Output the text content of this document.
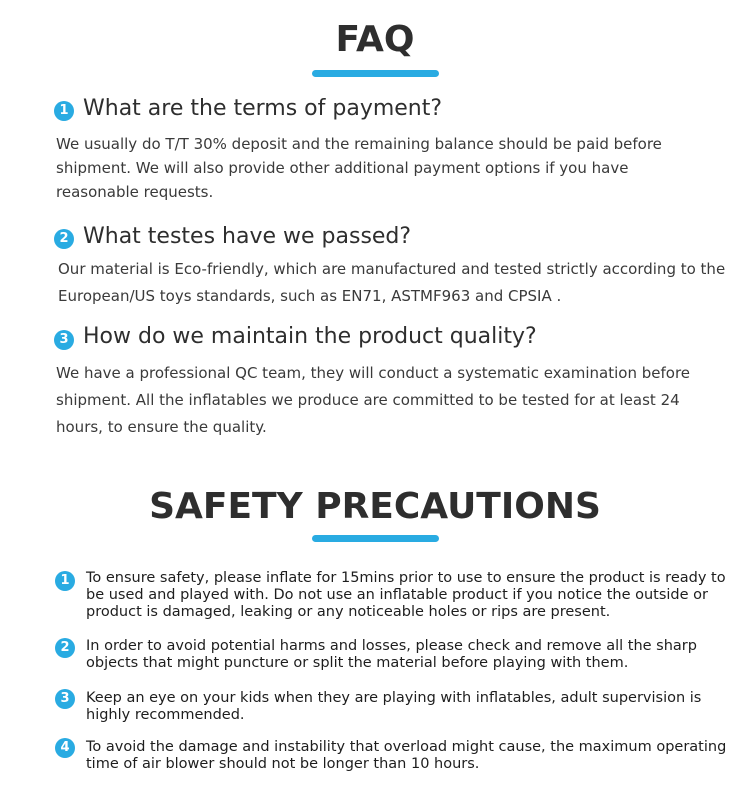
FAQ
1 What are the terms of payment?
We usually do T/T 30% deposit and the remaining balance should be paid before shipment. We will also provide other additional payment options if you have reasonable requests.
2 What testes have we passed?
Our material is Eco-friendly, which are manufactured and tested strictly according to the European/US toys standards, such as EN71, ASTMF963 and CPSIA .
3 How do we maintain the product quality?
We have a professional QC team, they will conduct a systematic examination before shipment. All the inflatables we produce are committed to be tested for at least 24 hours, to ensure the quality.
SAFETY PRECAUTIONS
1	To ensure safety, please inflate for 15mins prior to use to ensure the product is ready to be used and played with. Do not use an inflatable product if you notice the outside or product is damaged, leaking or any noticeable holes or rips are present.
2	In order to avoid potential harms and losses, please check and remove all the sharp objects that might puncture or split the material before playing with them.
3	Keep an eye on your kids when they are playing with inflatables, adult supervision is highly recommended.
4	To avoid the damage and instability that overload might cause, the maximum operating time of air blower should not be longer than 10 hours.
